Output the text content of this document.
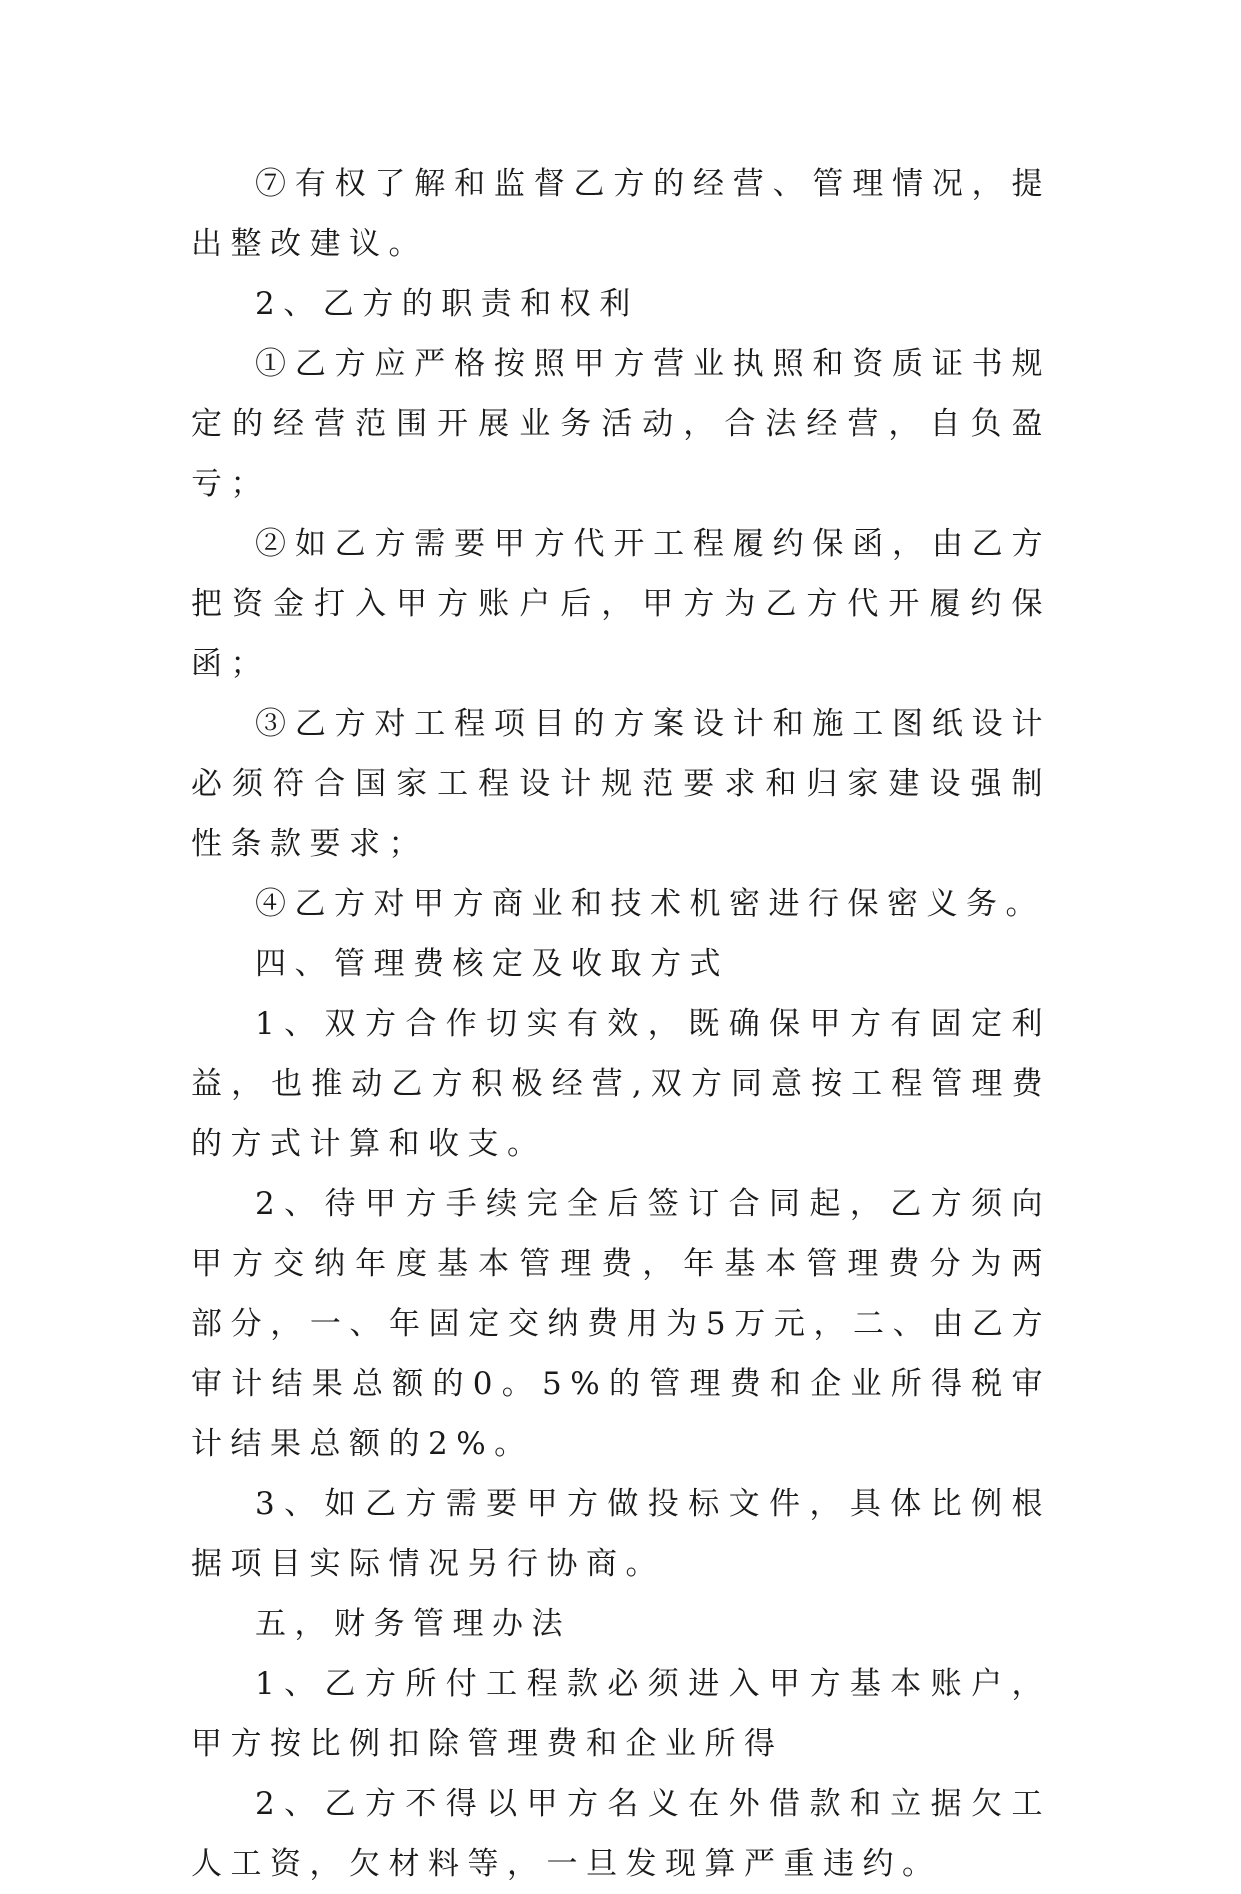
⑦有权了解和监督乙方的经营、管理情况，提出整改建议。

2、乙方的职责和权利

①乙方应严格按照甲方营业执照和资质证书规定的经营范围开展业务活动，合法经营，自负盈亏；

②如乙方需要甲方代开工程履约保函，由乙方把资金打入甲方账户后，甲方为乙方代开履约保函；

③乙方对工程项目的方案设计和施工图纸设计必须符合国家工程设计规范要求和归家建设强制性条款要求；

④乙方对甲方商业和技术机密进行保密义务。

四、管理费核定及收取方式

1、双方合作切实有效，既确保甲方有固定利益，也推动乙方积极经营,双方同意按工程管理费的方式计算和收支。

2、待甲方手续完全后签订合同起，乙方须向甲方交纳年度基本管理费，年基本管理费分为两部分，一、年固定交纳费用为5万元，二、由乙方审计结果总额的0。5%的管理费和企业所得税审计结果总额的2%。

3、如乙方需要甲方做投标文件，具体比例根据项目实际情况另行协商。

五，财务管理办法

1、乙方所付工程款必须进入甲方基本账户，甲方按比例扣除管理费和企业所得

2、乙方不得以甲方名义在外借款和立据欠工人工资，欠材料等，一旦发现算严重违约。
